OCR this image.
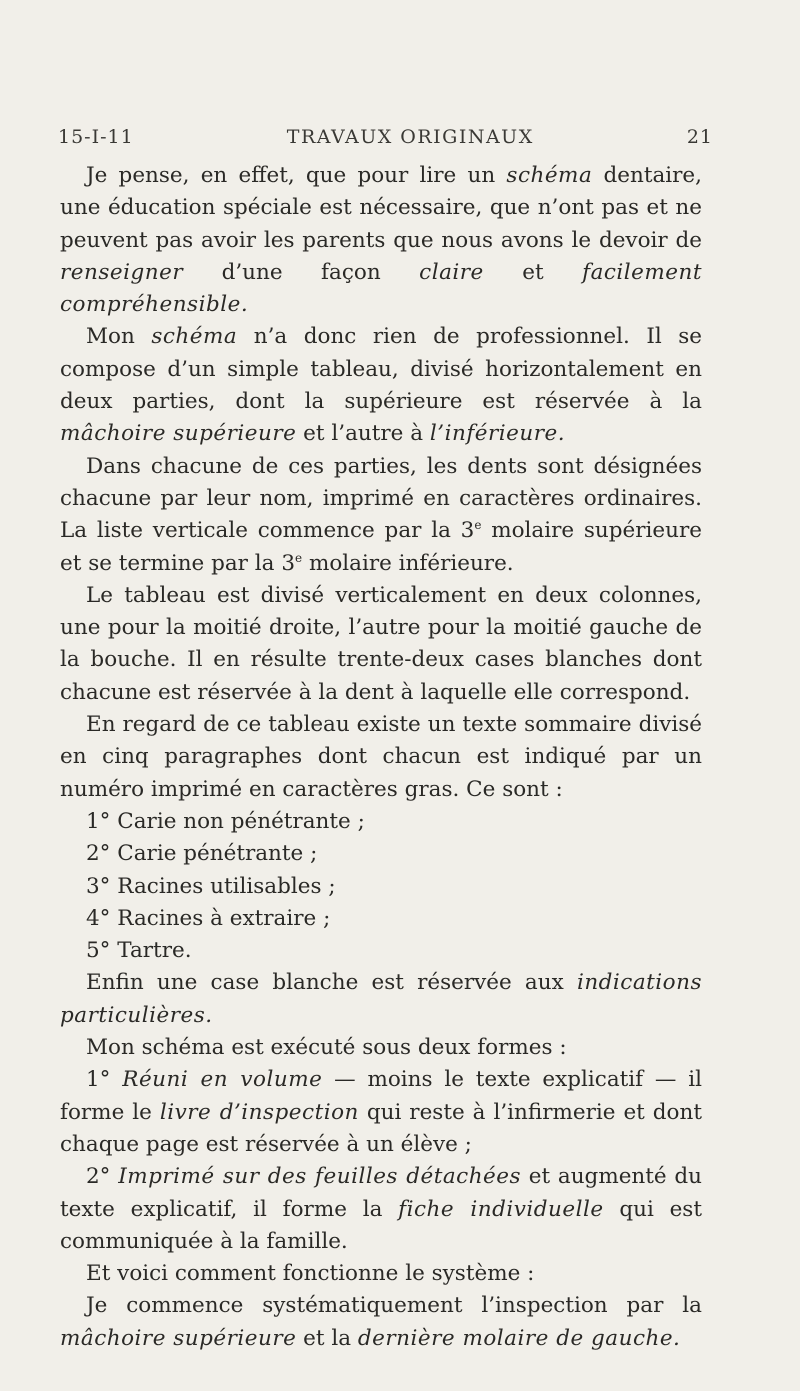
15-I-11	TRAVAUX ORIGINAUX	21

Je pense, en effet, que pour lire un schéma dentaire, une éducation spéciale est nécessaire, que n’ont pas et ne peuvent pas avoir les parents que nous avons le devoir de renseigner d’une façon claire et facilement compréhensible.

Mon schéma n’a donc rien de professionnel. Il se compose d’un simple tableau, divisé horizontalement en deux parties, dont la supérieure est réservée à la mâchoire supérieure et l’autre à l’inférieure.

Dans chacune de ces parties, les dents sont désignées chacune par leur nom, imprimé en caractères ordinaires. La liste verticale commence par la 3e molaire supérieure et se termine par la 3e molaire inférieure.

Le tableau est divisé verticalement en deux colonnes, une pour la moitié droite, l’autre pour la moitié gauche de la bouche. Il en résulte trente-deux cases blanches dont chacune est réservée à la dent à laquelle elle correspond.

En regard de ce tableau existe un texte sommaire divisé en cinq paragraphes dont chacun est indiqué par un numéro imprimé en caractères gras. Ce sont :

1° Carie non pénétrante ;

2° Carie pénétrante ;

3° Racines utilisables ;

4° Racines à extraire ;

5° Tartre.

Enfin une case blanche est réservée aux indications particulières.

Mon schéma est exécuté sous deux formes :

1° Réuni en volume — moins le texte explicatif — il forme le livre d’inspection qui reste à l’infirmerie et dont chaque page est réservée à un élève ;

2° Imprimé sur des feuilles détachées et augmenté du texte explicatif, il forme la fiche individuelle qui est communiquée à la famille.

Et voici comment fonctionne le système :

Je commence systématiquement l’inspection par la mâchoire supérieure et la dernière molaire de gauche.
